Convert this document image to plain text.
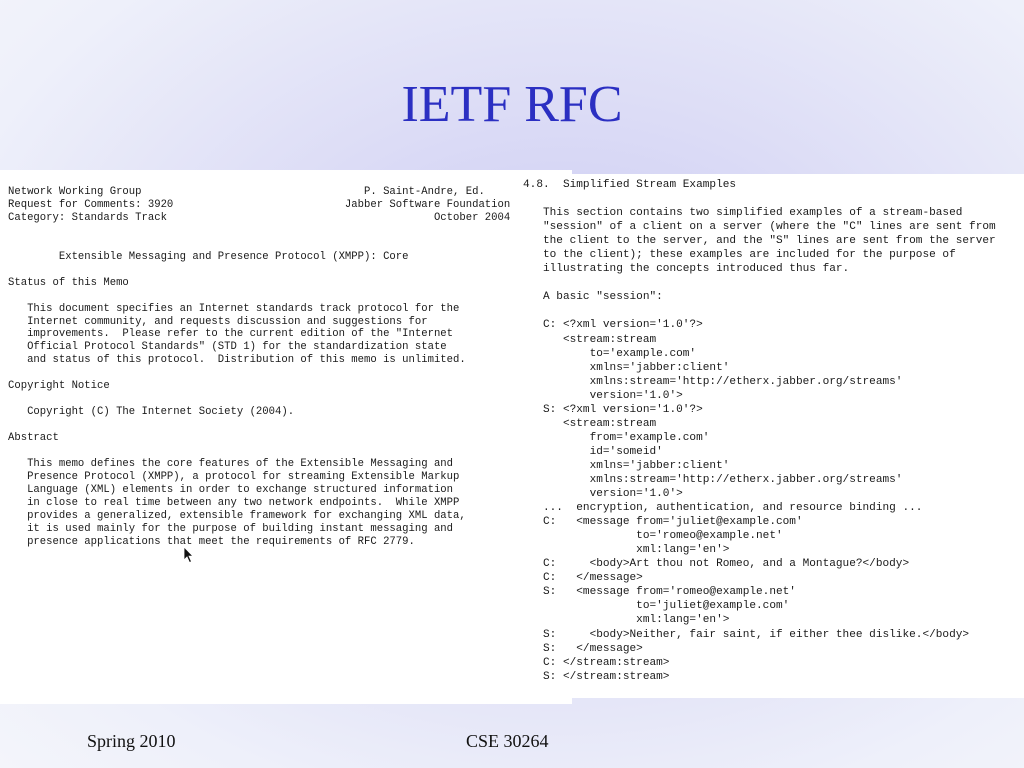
IETF RFC
Network Working Group                                   P. Saint-Andre, Ed.
Request for Comments: 3920                           Jabber Software Foundation
Category: Standards Track                                          October 2004

Extensible Messaging and Presence Protocol (XMPP): Core

Status of this Memo

This document specifies an Internet standards track protocol for the
Internet community, and requests discussion and suggestions for
improvements.  Please refer to the current edition of the "Internet
Official Protocol Standards" (STD 1) for the standardization state
and status of this protocol.  Distribution of this memo is unlimited.

Copyright Notice

Copyright (C) The Internet Society (2004).

Abstract

This memo defines the core features of the Extensible Messaging and
Presence Protocol (XMPP), a protocol for streaming Extensible Markup
Language (XML) elements in order to exchange structured information
in close to real time between any two network endpoints.  While XMPP
provides a generalized, extensible framework for exchanging XML data,
it is used mainly for the purpose of building instant messaging and
presence applications that meet the requirements of RFC 2779.
4.8.  Simplified Stream Examples

This section contains two simplified examples of a stream-based
"session" of a client on a server (where the "C" lines are sent from
the client to the server, and the "S" lines are sent from the server
to the client); these examples are included for the purpose of
illustrating the concepts introduced thus far.

A basic "session":

C: <?xml version='1.0'?>
<stream:stream
to='example.com'
xmlns='jabber:client'
xmlns:stream='http://etherx.jabber.org/streams'
version='1.0'>
S: <?xml version='1.0'?>
<stream:stream
from='example.com'
id='someid'
xmlns='jabber:client'
xmlns:stream='http://etherx.jabber.org/streams'
version='1.0'>
...  encryption, authentication, and resource binding ...
C:   <message from='juliet@example.com'
to='romeo@example.net'
xml:lang='en'>
C:     <body>Art thou not Romeo, and a Montague?</body>
C:   </message>
S:   <message from='romeo@example.net'
to='juliet@example.com'
xml:lang='en'>
S:     <body>Neither, fair saint, if either thee dislike.</body>
S:   </message>
C: </stream:stream>
S: </stream:stream>
Spring 2010	CSE 30264
